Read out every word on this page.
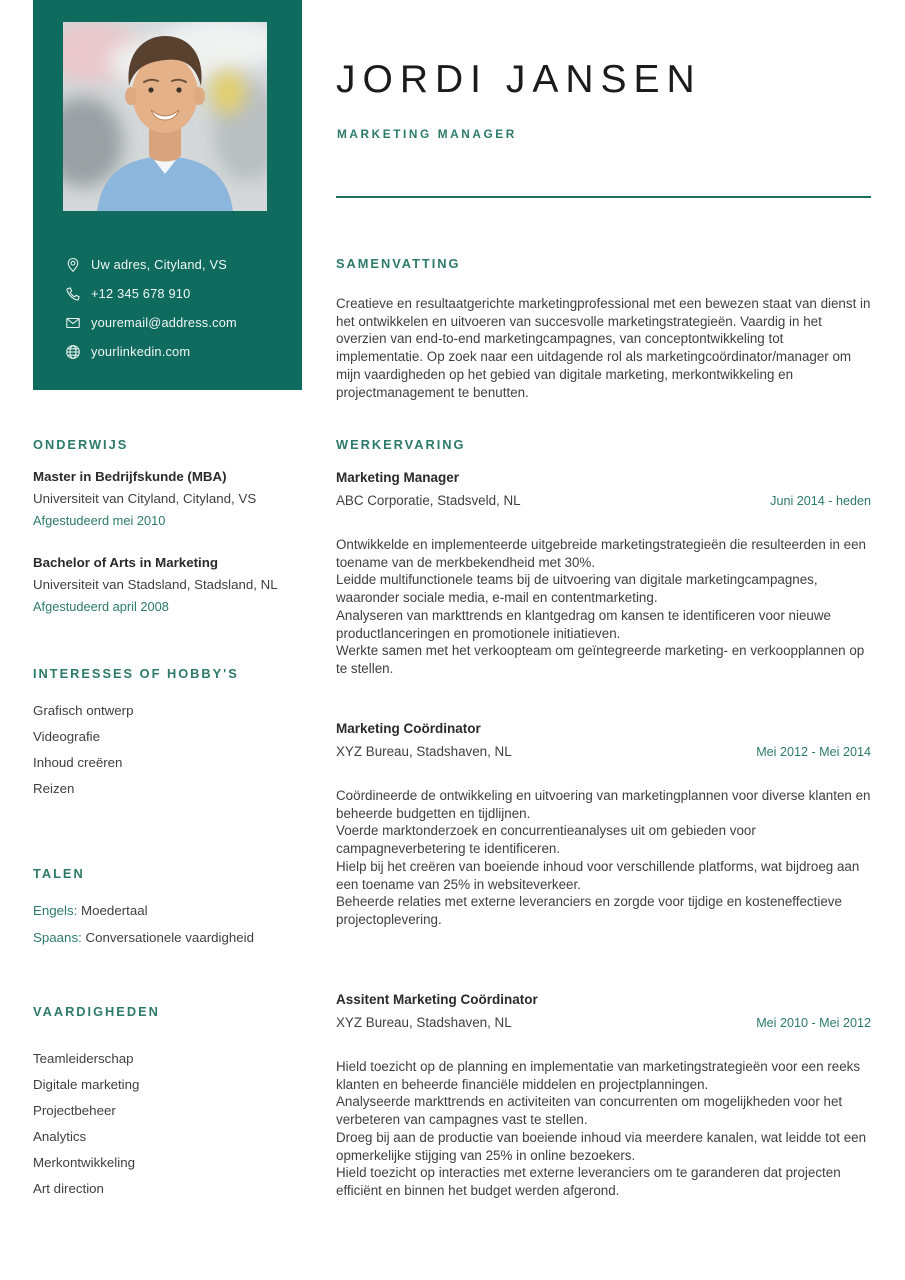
Uw adres, Cityland, VS
+12 345 678 910
youremail@address.com
yourlinkedin.com
ONDERWIJS
Master in Bedrijfskunde (MBA)
Universiteit van Cityland, Cityland, VS
Afgestudeerd mei 2010
Bachelor of Arts in Marketing
Universiteit van Stadsland, Stadsland, NL
Afgestudeerd april 2008
INTERESSES OF HOBBY'S
Grafisch ontwerp
Videografie
Inhoud creëren
Reizen
TALEN
Engels: Moedertaal
Spaans: Conversationele vaardigheid
VAARDIGHEDEN
Teamleiderschap
Digitale marketing
Projectbeheer
Analytics
Merkontwikkeling
Art direction
JORDI JANSEN
MARKETING MANAGER
SAMENVATTING

Creatieve en resultaatgerichte marketingprofessional met een bewezen staat van dienst in het ontwikkelen en uitvoeren van succesvolle marketingstrategieën. Vaardig in het overzien van end-to-end marketingcampagnes, van conceptontwikkeling tot implementatie. Op zoek naar een uitdagende rol als marketingcoördinator/manager om mijn vaardigheden op het gebied van digitale marketing, merkontwikkeling en projectmanagement te benutten.

WERKERVARING
Marketing Manager
ABC Corporatie, Stadsveld, NL	Juni 2014 - heden
Ontwikkelde en implementeerde uitgebreide marketingstrategieën die resulteerden in een toename van de merkbekendheid met 30%.
Leidde multifunctionele teams bij de uitvoering van digitale marketingcampagnes, waaronder sociale media, e-mail en contentmarketing.
Analyseren van markttrends en klantgedrag om kansen te identificeren voor nieuwe productlanceringen en promotionele initiatieven.
Werkte samen met het verkoopteam om geïntegreerde marketing- en verkoopplannen op te stellen.
Marketing Coördinator
XYZ Bureau, Stadshaven, NL	Mei 2012 - Mei 2014
Coördineerde de ontwikkeling en uitvoering van marketingplannen voor diverse klanten en beheerde budgetten en tijdlijnen.
Voerde marktonderzoek en concurrentieanalyses uit om gebieden voor campagneverbetering te identificeren.
Hielp bij het creëren van boeiende inhoud voor verschillende platforms, wat bijdroeg aan een toename van 25% in websiteverkeer.
Beheerde relaties met externe leveranciers en zorgde voor tijdige en kosteneffectieve projectoplevering.
Assitent Marketing Coördinator
XYZ Bureau, Stadshaven, NL	Mei 2010 - Mei 2012
Hield toezicht op de planning en implementatie van marketingstrategieën voor een reeks klanten en beheerde financiële middelen en projectplanningen.
Analyseerde markttrends en activiteiten van concurrenten om mogelijkheden voor het verbeteren van campagnes vast te stellen.
Droeg bij aan de productie van boeiende inhoud via meerdere kanalen, wat leidde tot een opmerkelijke stijging van 25% in online bezoekers.
Hield toezicht op interacties met externe leveranciers om te garanderen dat projecten efficiënt en binnen het budget werden afgerond.
